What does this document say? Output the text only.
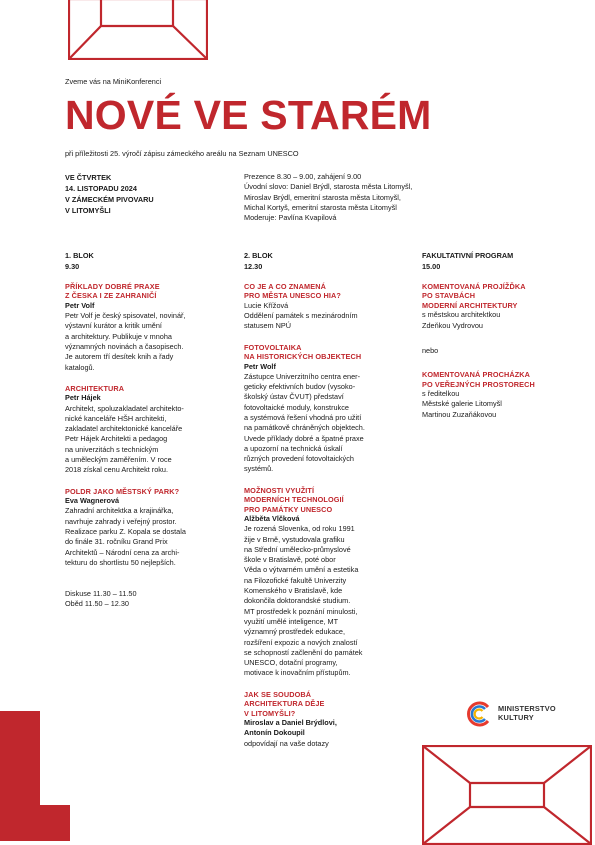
Zveme vás na MiniKonferenci
NOVÉ VE STARÉM
při příležitosti 25. výročí zápisu zámeckého areálu na Seznam UNESCO
VE ČTVRTEK
14. LISTOPADU 2024
V ZÁMECKÉM PIVOVARU
V LITOMYŠLI
Prezence 8.30 – 9.00, zahájení 9.00
Úvodní slovo: Daniel Brýdl, starosta města Litomyšl,
Miroslav Brýdl, emeritní starosta města Litomyšl,
Michal Kortyš, emeritní starosta města Litomyšl
Moderuje: Pavlína Kvapilová
1. BLOK
9.30
PŘÍKLADY DOBRÉ PRAXE
Z ČESKA I ZE ZAHRANIČÍ
Petr Volf
Petr Volf je český spisovatel, novinář,
výstavní kurátor a kritik umění
a architektury. Publikuje v mnoha
významných novinách a časopisech.
Je autorem tří desítek knih a řady
katalogů.
ARCHITEKTURA
Petr Hájek
Architekt, spoluzakladatel architekto-
nické kanceláře HŠH architekti,
zakladatel architektonické kanceláře
Petr Hájek Architekti a pedagog
na univerzitách s technickým
a uměleckým zaměřením. V roce
2018 získal cenu Architekt roku.
POLDR JAKO MĚSTSKÝ PARK?
Eva Wagnerová
Zahradní architektka a krajinářka,
navrhuje zahrady i veřejný prostor.
Realizace parku Z. Kopala se dostala
do finále 31. ročníku Grand Prix
Architektů – Národní cena za archi-
tekturu do shortlistu 50 nejlepších.
Diskuse 11.30 – 11.50
Oběd 11.50 – 12.30
2. BLOK
12.30
CO JE A CO ZNAMENÁ
PRO MĚSTA UNESCO HIA?
Lucie Křížová
Oddělení památek s mezinárodním
statusem NPÚ
FOTOVOLTAIKA
NA HISTORICKÝCH OBJEKTECH
Petr Wolf
Zástupce Univerzitního centra ener-
geticky efektivních budov (vysoko-
školský ústav ČVUT) představí
fotovoltaické moduly, konstrukce
a systémová řešení vhodná pro užití
na památkově chráněných objektech.
Uvede příklady dobré a špatné praxe
a upozorní na technická úskalí
různých provedení fotovoltaických
systémů.
MOŽNOSTI VYUŽITÍ
MODERNÍCH TECHNOLOGIÍ
PRO PAMÁTKY UNESCO
Alžběta Vlčková
Je rozená Slovenka, od roku 1991
žije v Brně, vystudovala grafiku
na Střední umělecko-průmyslové
škole v Bratislavě, poté obor
Věda o výtvarném umění a estetika
na Filozofické fakultě Univerzity
Komenského v Bratislavě, kde
dokončila doktorandské studium.
MT prostředek k poznání minulosti,
využití umělé inteligence, MT
významný prostředek edukace,
rozšíření expozic a nových znalostí
se schopností začlenění do památek
UNESCO, dotační programy,
motivace k inovačním přístupům.
JAK SE SOUDOBÁ
ARCHITEKTURA DĚJE
V LITOMYŠLI?
Miroslav a Daniel Brýdlovi,
Antonín Dokoupil
odpovídají na vaše dotazy
FAKULTATIVNÍ PROGRAM
15.00
KOMENTOVANÁ PROJÍŽĎKA
PO STAVBÁCH
MODERNÍ ARCHITEKTURY
s městskou architektkou
Zdeňkou Vydrovou
nebo
KOMENTOVANÁ PROCHÁZKA
PO VEŘEJNÝCH PROSTORECH
s ředitelkou
Městské galerie Litomyšl
Martinou Zuzaňákovou
MINISTERSTVO
KULTURY
